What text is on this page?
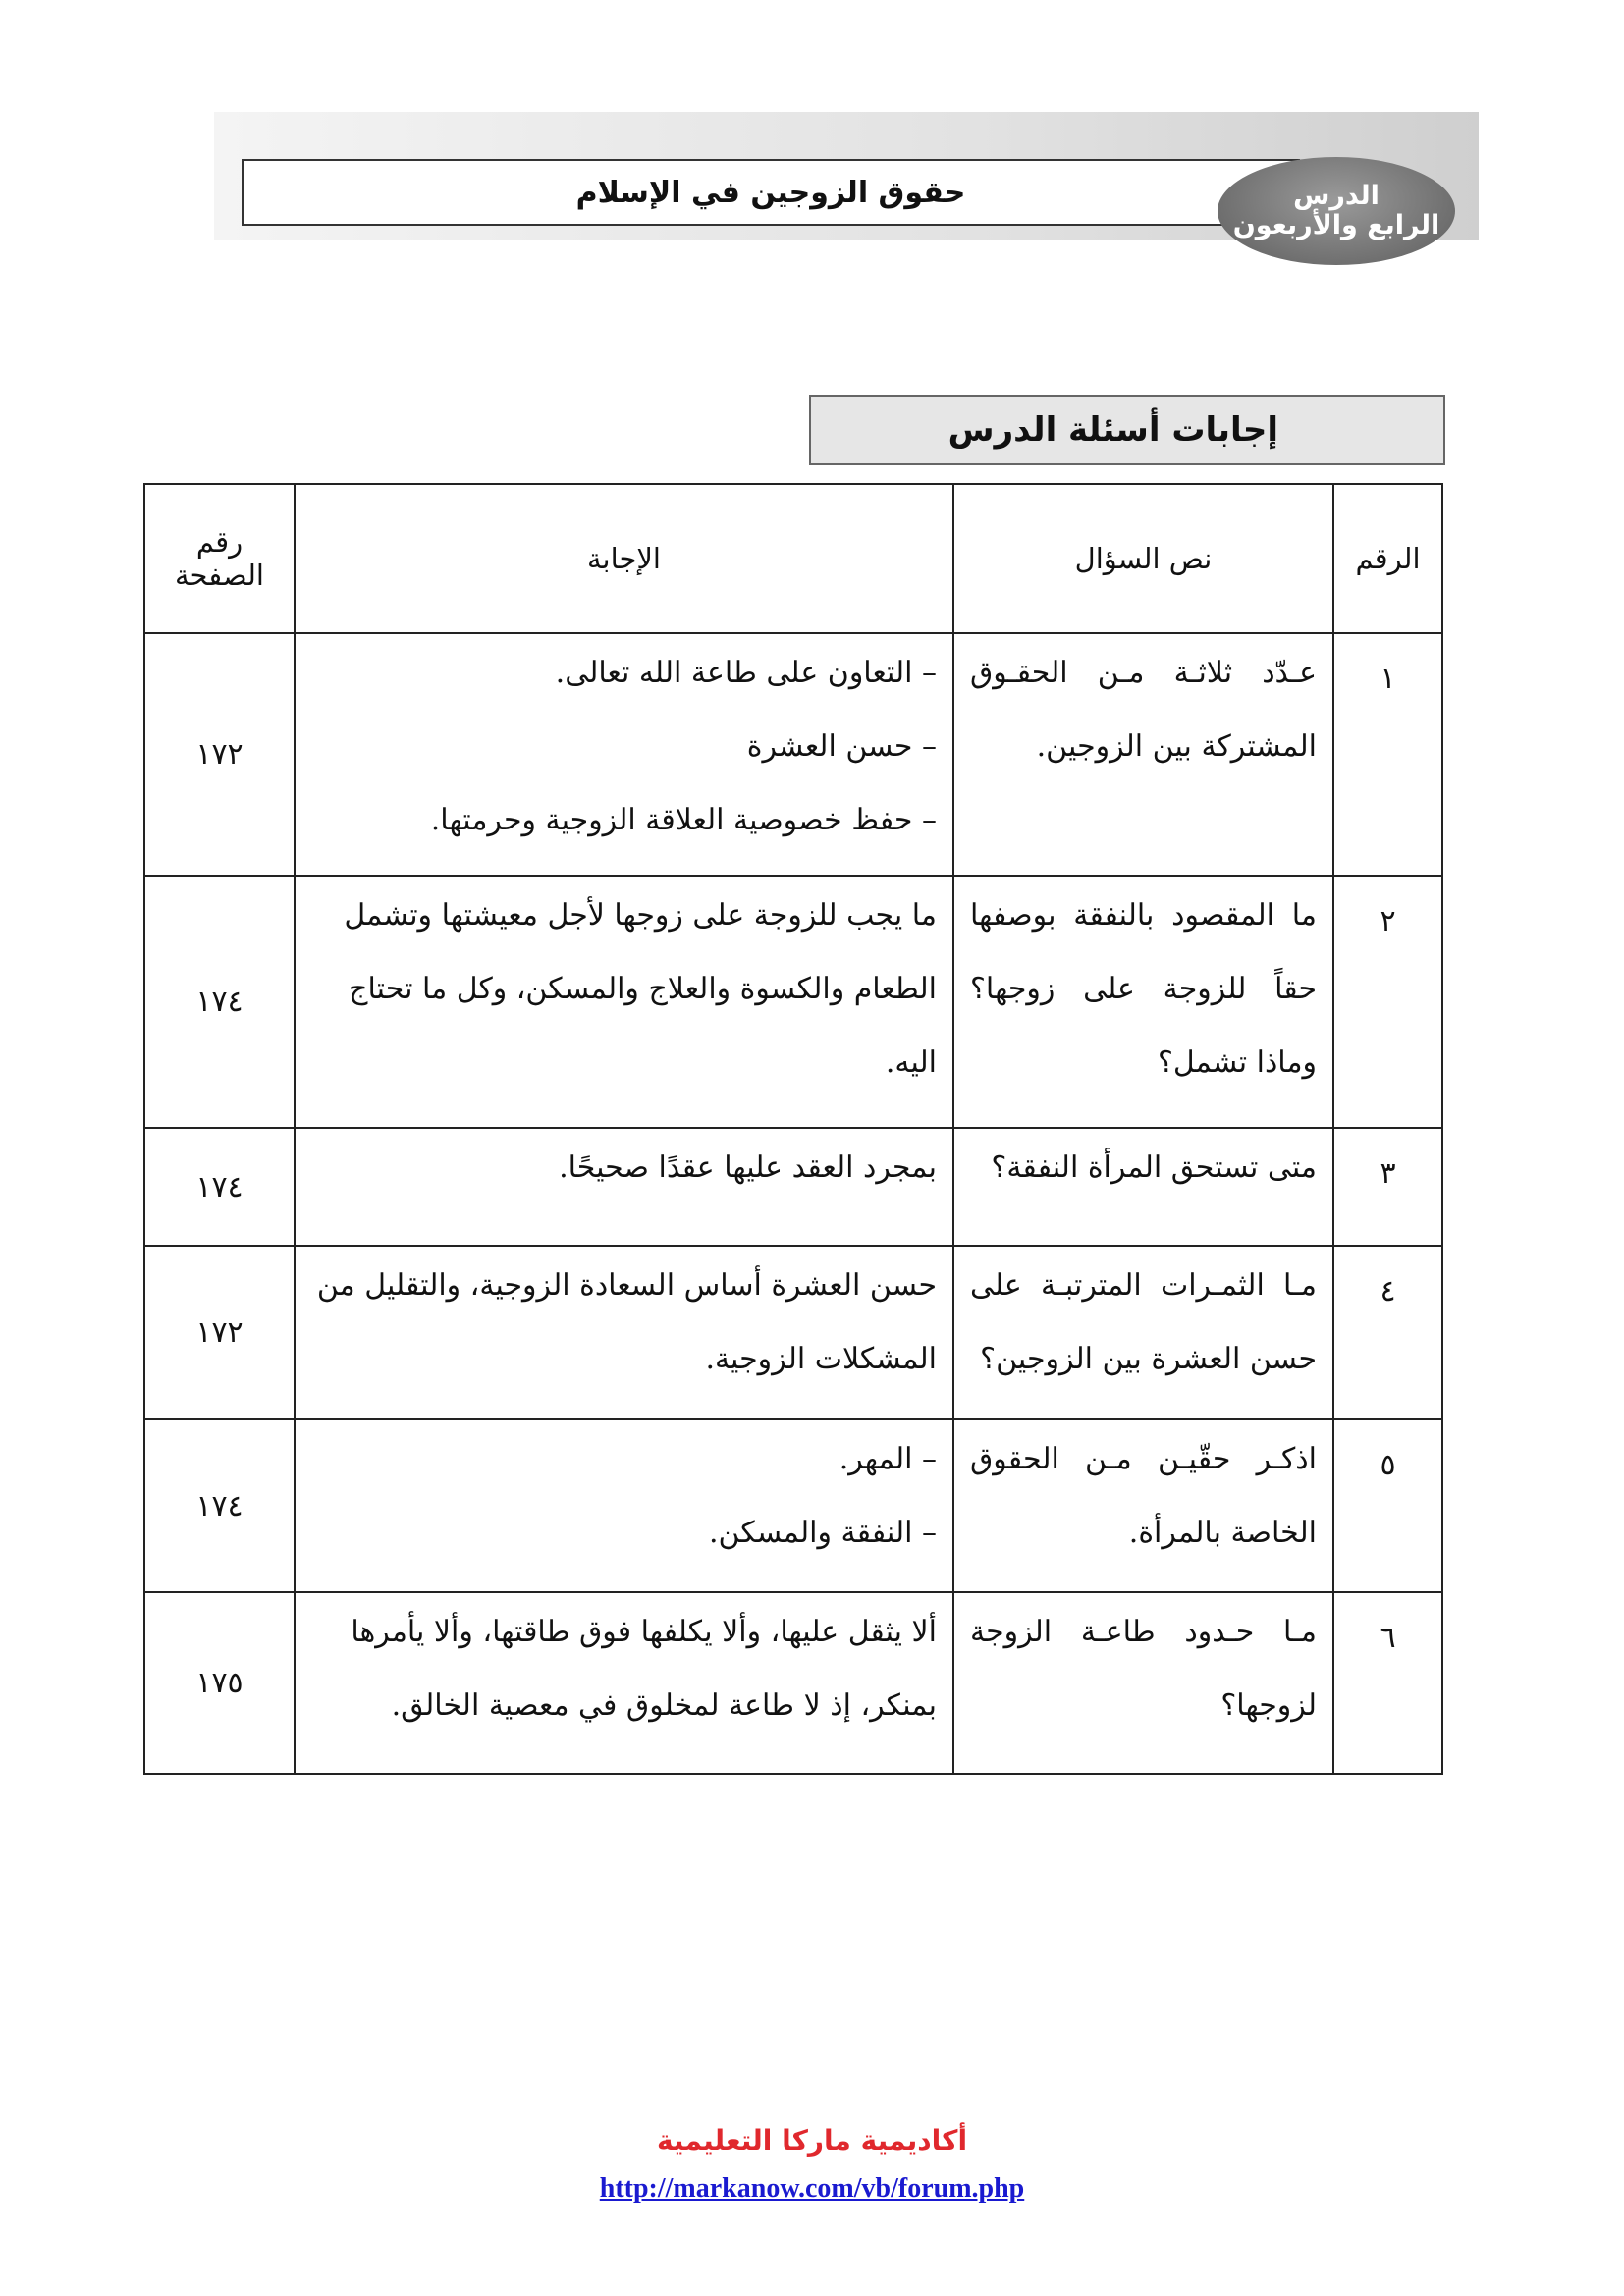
حقوق الزوجين في الإسلام	الدرس
الرابع والأربعون
إجابات أسئلة الدرس
الرقم	نص السؤال	الإجابة	رقم
الصفحة

١	عـدّد ثلاثـة مـن الحقـوق المشتركة بين الزوجين.	– التعاون على طاعة الله تعالى.
– حسن العشرة
– حفظ خصوصية العلاقة الزوجية وحرمتها.	١٧٢
٢	ما المقصود بالنفقة بوصفها حقاً للزوجة على زوجها؟ وماذا تشمل؟	ما يجب للزوجة على زوجها لأجل معيشتها وتشمل
الطعام والكسوة والعلاج والمسكن، وكل ما تحتاج
اليه.	١٧٤
٣	متى تستحق المرأة النفقة؟	بمجرد العقد عليها عقدًا صحيحًا.	١٧٤
٤	مـا الثمـرات المترتبـة على حسن العشرة بين الزوجين؟	حسن العشرة أساس السعادة الزوجية، والتقليل من
المشكلات الزوجية.	١٧٢
٥	اذكـر حقّيـن مـن الحقوق الخاصة بالمرأة.	– المهر.
– النفقة والمسكن.	١٧٤
٦	مـا حـدود طاعـة الزوجة لزوجها؟	ألا يثقل عليها، وألا يكلفها فوق طاقتها، وألا يأمرها
بمنكر، إذ لا طاعة لمخلوق في معصية الخالق.	١٧٥
أكاديمية ماركا التعليمية
http://markanow.com/vb/forum.php
